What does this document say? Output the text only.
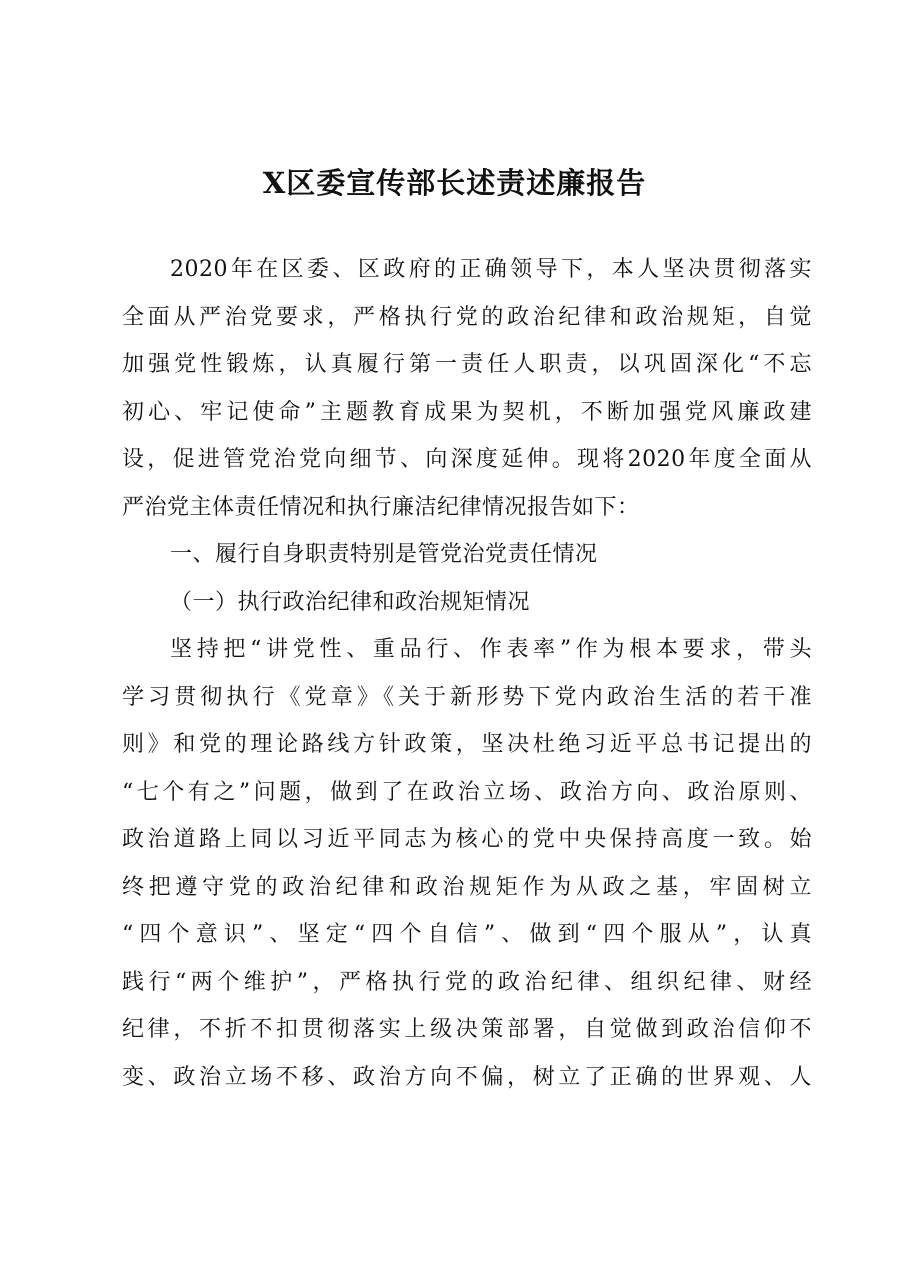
X区委宣传部长述责述廉报告
2020年在区委、区政府的正确领导下，本人坚决贯彻落实
全面从严治党要求，严格执行党的政治纪律和政治规矩，自觉
加强党性锻炼，认真履行第一责任人职责，以巩固深化“不忘
初心、牢记使命”主题教育成果为契机，不断加强党风廉政建
设，促进管党治党向细节、向深度延伸。现将2020年度全面从
严治党主体责任情况和执行廉洁纪律情况报告如下：
一、履行自身职责特别是管党治党责任情况
（一）执行政治纪律和政治规矩情况
坚持把“讲党性、重品行、作表率”作为根本要求，带头
学习贯彻执行《党章》《关于新形势下党内政治生活的若干准
则》和党的理论路线方针政策，坚决杜绝习近平总书记提出的
“七个有之”问题，做到了在政治立场、政治方向、政治原则、
政治道路上同以习近平同志为核心的党中央保持高度一致。始
终把遵守党的政治纪律和政治规矩作为从政之基，牢固树立
“四个意识”、坚定“四个自信”、做到“四个服从”，认真
践行“两个维护”，严格执行党的政治纪律、组织纪律、财经
纪律，不折不扣贯彻落实上级决策部署，自觉做到政治信仰不
变、政治立场不移、政治方向不偏，树立了正确的世界观、人
